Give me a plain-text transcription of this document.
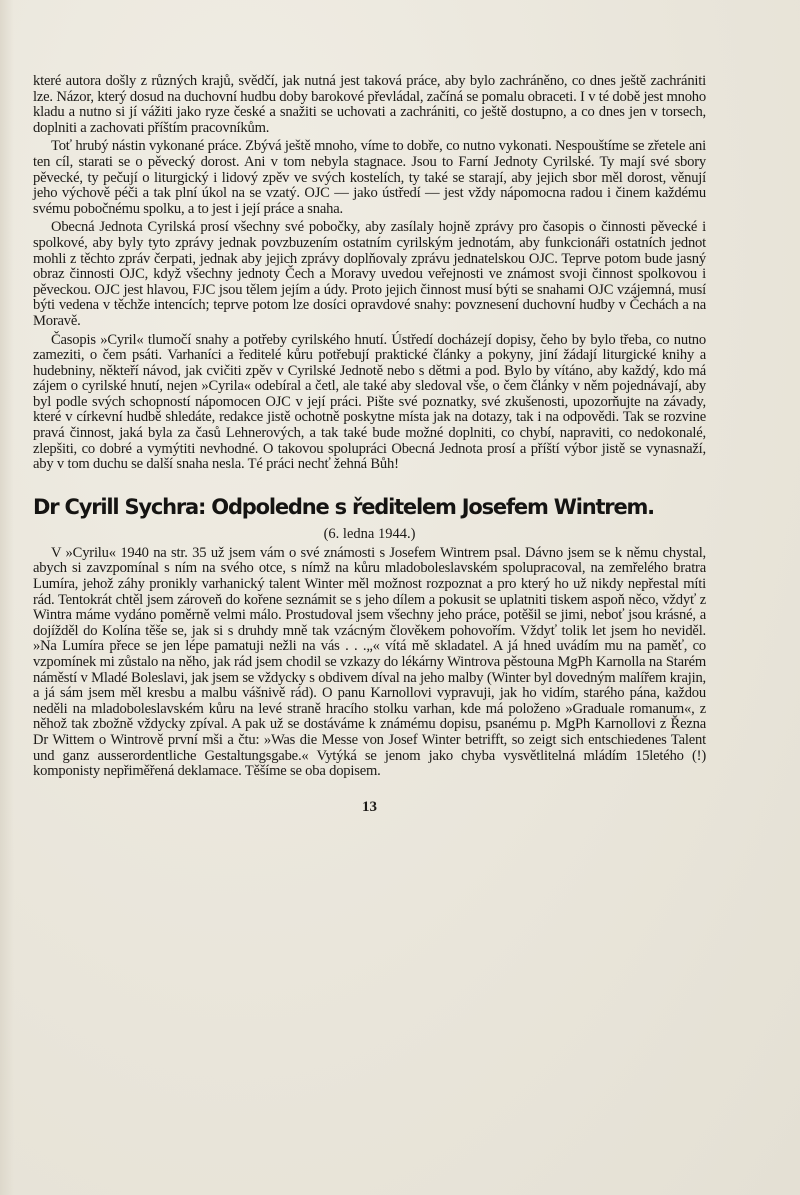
které autora došly z různých krajů, svědčí, jak nutná jest taková práce, aby bylo zachráněno, co dnes ještě zachrániti lze. Názor, který dosud na duchovní hudbu doby barokové převládal, začíná se pomalu obraceti. I v té době jest mnoho kladu a nutno si jí vážiti jako ryze české a snažiti se uchovati a zachrániti, co ještě dostupno, a co dnes jen v torsech, doplniti a zachovati příštím pracovníkům.

Toť hrubý nástin vykonané práce. Zbývá ještě mnoho, víme to dobře, co nutno vykonati. Nespouštíme se zřetele ani ten cíl, starati se o pěvecký dorost. Ani v tom nebyla stagnace. Jsou to Farní Jednoty Cyrilské. Ty mají své sbory pěvecké, ty pečují o liturgický i lidový zpěv ve svých kostelích, ty také se starají, aby jejich sbor měl dorost, věnují jeho výchově péči a tak plní úkol na se vzatý. OJC — jako ústředí — jest vždy nápomocna radou i činem každému svému pobočnému spolku, a to jest i její práce a snaha.

Obecná Jednota Cyrilská prosí všechny své pobočky, aby zasílaly hojně zprávy pro časopis o činnosti pěvecké i spolkové, aby byly tyto zprávy jednak povzbuzením ostatním cyrilským jednotám, aby funkcionáři ostatních jednot mohli z těchto zpráv čerpati, jednak aby jejich zprávy doplňovaly zprávu jednatelskou OJC. Teprve potom bude jasný obraz činnosti OJC, když všechny jednoty Čech a Moravy uvedou veřejnosti ve známost svoji činnost spolkovou i pěveckou. OJC jest hlavou, FJC jsou tělem jejím a údy. Proto jejich činnost musí býti se snahami OJC vzájemná, musí býti vedena v těchže intencích; teprve potom lze dosíci opravdové snahy: povznesení duchovní hudby v Čechách a na Moravě.

Časopis »Cyril« tlumočí snahy a potřeby cyrilského hnutí. Ústředí docházejí dopisy, čeho by bylo třeba, co nutno zameziti, o čem psáti. Varhaníci a ředitelé kůru potřebují praktické články a pokyny, jiní žádají liturgické knihy a hudebniny, někteří návod, jak cvičiti zpěv v Cyrilské Jednotě nebo s dětmi a pod. Bylo by vítáno, aby každý, kdo má zájem o cyrilské hnutí, nejen »Cyrila« odebíral a četl, ale také aby sledoval vše, o čem články v něm pojednávají, aby byl podle svých schopností nápomocen OJC v její práci. Pište své poznatky, své zkušenosti, upozorňujte na závady, které v církevní hudbě shledáte, redakce jistě ochotně poskytne místa jak na dotazy, tak i na odpovědi. Tak se rozvine pravá činnost, jaká byla za časů Lehnerových, a tak také bude možné doplniti, co chybí, napraviti, co nedokonalé, zlepšiti, co dobré a vymýtiti nevhodné. O takovou spolupráci Obecná Jednota prosí a příští výbor jistě se vynasnaží, aby v tom duchu se další snaha nesla. Té práci nechť žehná Bůh!

Dr Cyrill Sychra: Odpoledne s ředitelem Josefem Wintrem.
(6. ledna 1944.)

V »Cyrilu« 1940 na str. 35 už jsem vám o své známosti s Josefem Wintrem psal. Dávno jsem se k němu chystal, abych si zavzpomínal s ním na svého otce, s nímž na kůru mladoboleslavském spolupracoval, na zemřelého bratra Lumíra, jehož záhy pronikly varhanický talent Winter měl možnost rozpoznat a pro který ho už nikdy nepřestal míti rád. Tentokrát chtěl jsem zároveň do kořene seznámit se s jeho dílem a pokusit se uplatniti tiskem aspoň něco, vždyť z Wintra máme vydáno poměrně velmi málo. Prostudoval jsem všechny jeho práce, potěšil se jimi, neboť jsou krásné, a dojížděl do Kolína těše se, jak si s druhdy mně tak vzácným člověkem pohovořím. Vždyť tolik let jsem ho neviděl. »Na Lumíra přece se jen lépe pamatuji nežli na vás . . .„« vítá mě skladatel. A já hned uvádím mu na paměť, co vzpomínek mi zůstalo na něho, jak rád jsem chodil se vzkazy do lékárny Wintrova pěstouna MgPh Karnolla na Starém náměstí v Mladé Boleslavi, jak jsem se vždycky s obdivem díval na jeho malby (Winter byl dovedným malířem krajin, a já sám jsem měl kresbu a malbu vášnivě rád). O panu Karnollovi vypravuji, jak ho vidím, starého pána, každou neděli na mladoboleslavském kůru na levé straně hracího stolku varhan, kde má položeno »Graduale romanum«, z něhož tak zbožně vždycky zpíval. A pak už se dostáváme k známému dopisu, psanému p. MgPh Karnollovi z Řezna Dr Wittem o Wintrově první mši a čtu: »Was die Messe von Josef Winter betrifft, so zeigt sich entschiedenes Talent und ganz ausserordentliche Gestaltungsgabe.« Vytýká se jenom jako chyba vysvětlitelná mládím 15letého (!) komponisty nepřiměřená deklamace. Těšíme se oba dopisem.

13
